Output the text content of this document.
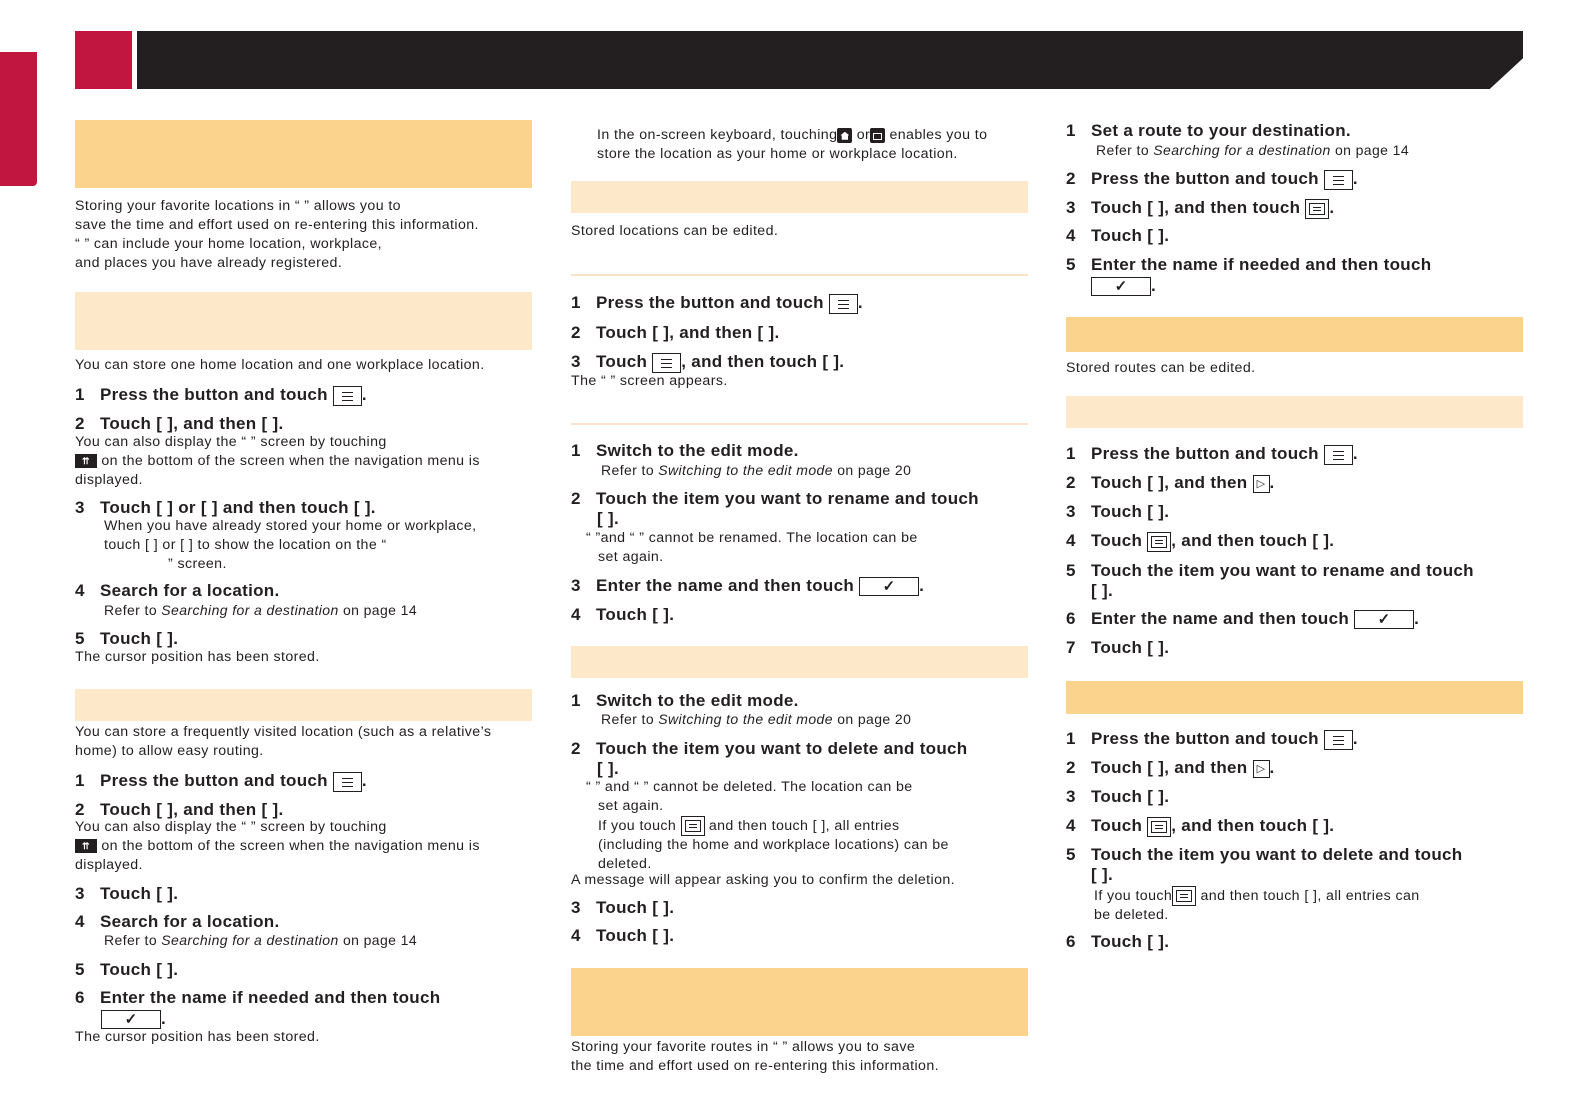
Storing your favorite locations in “ ” allows you to
save the time and effort used on re-entering this information.
“ ” can include your home location, workplace,
and places you have already registered.
You can store one home location and one workplace location.
1 Press the button and touch .
2 Touch [ ], and then [ ].
You can also display the “ ” screen by touching
⇈ on the bottom of the screen when the navigation menu is
displayed.
3 Touch [ ] or [ ] and then touch [ ].
When you have already stored your home or workplace,
touch [ ] or [ ] to show the location on the “
” screen.
4 Search for a location.
Refer to Searching for a destination on page 14
5 Touch [ ].
The cursor position has been stored.
You can store a frequently visited location (such as a relative’s
home) to allow easy routing.
1 Press the button and touch .
2 Touch [ ], and then [ ].
You can also display the “ ” screen by touching
⇈ on the bottom of the screen when the navigation menu is
displayed.
3 Touch [ ].
4 Search for a location.
Refer to Searching for a destination on page 14
5 Touch [ ].
6 Enter the name if needed and then touch
✓ .
The cursor position has been stored.
In the on-screen keyboard, touching or enables you to
store the location as your home or workplace location.
Stored locations can be edited.
1 Press the button and touch .
2 Touch [ ], and then [ ].
3 Touch , and then touch [ ].
The “ ” screen appears.
1 Switch to the edit mode.
Refer to Switching to the edit mode on page 20
2 Touch the item you want to rename and touch
[ ].
“ ”and “ ” cannot be renamed. The location can be
set again.
3 Enter the name and then touch ✓ .
4 Touch [ ].
1 Switch to the edit mode.
Refer to Switching to the edit mode on page 20
2 Touch the item you want to delete and touch
[ ].
“ ” and “ ” cannot be deleted. The location can be
set again.
If you touch  and then touch [ ], all entries
(including the home and workplace locations) can be
deleted.
A message will appear asking you to confirm the deletion.
3 Touch [ ].
4 Touch [ ].
Storing your favorite routes in “ ” allows you to save
the time and effort used on re-entering this information.
1 Set a route to your destination.
Refer to Searching for a destination on page 14
2 Press the button and touch .
3 Touch [ ], and then touch .
4 Touch [ ].
5 Enter the name if needed and then touch
✓ .
Stored routes can be edited.
1 Press the button and touch .
2 Touch [ ], and then ▷ .
3 Touch [ ].
4 Touch , and then touch [ ].
5 Touch the item you want to rename and touch
[ ].
6 Enter the name and then touch ✓ .
7 Touch [ ].
1 Press the button and touch .
2 Touch [ ], and then ▷ .
3 Touch [ ].
4 Touch , and then touch [ ].
5 Touch the item you want to delete and touch
[ ].
If you touch and then touch [ ], all entries can
be deleted.
6 Touch [ ].
